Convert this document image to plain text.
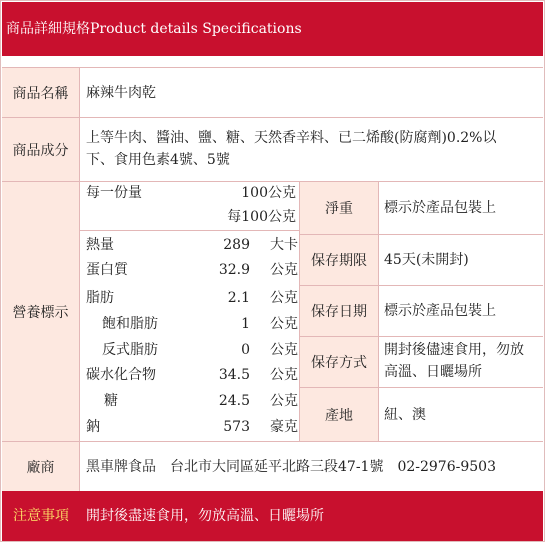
商品詳細規格Product details Specifications
商品名稱	麻辣牛肉乾
商品成分
上等牛肉、醬油、鹽、糖、天然香辛料、已二烯酸(防腐劑)0.2%以
下、食用色素4號、5號
營養標示
每一份量	100公克
每100公克
熱量	289 大卡
蛋白質	32.9 公克
脂肪	2.1 公克
飽和脂肪	1 公克
反式脂肪	0 公克
碳水化合物	34.5 公克
糖	24.5 公克
鈉	573 豪克
淨重	標示於產品包裝上
保存期限	45天(未開封)
保存日期	標示於產品包裝上
保存方式
開封後儘速食用，勿放
高溫、日曬場所
產地	紐、澳
廠商	黑車牌食品　台北市大同區延平北路三段47-1號　02-2976-9503
注意事項	開封後盡速食用，勿放高溫、日曬場所
